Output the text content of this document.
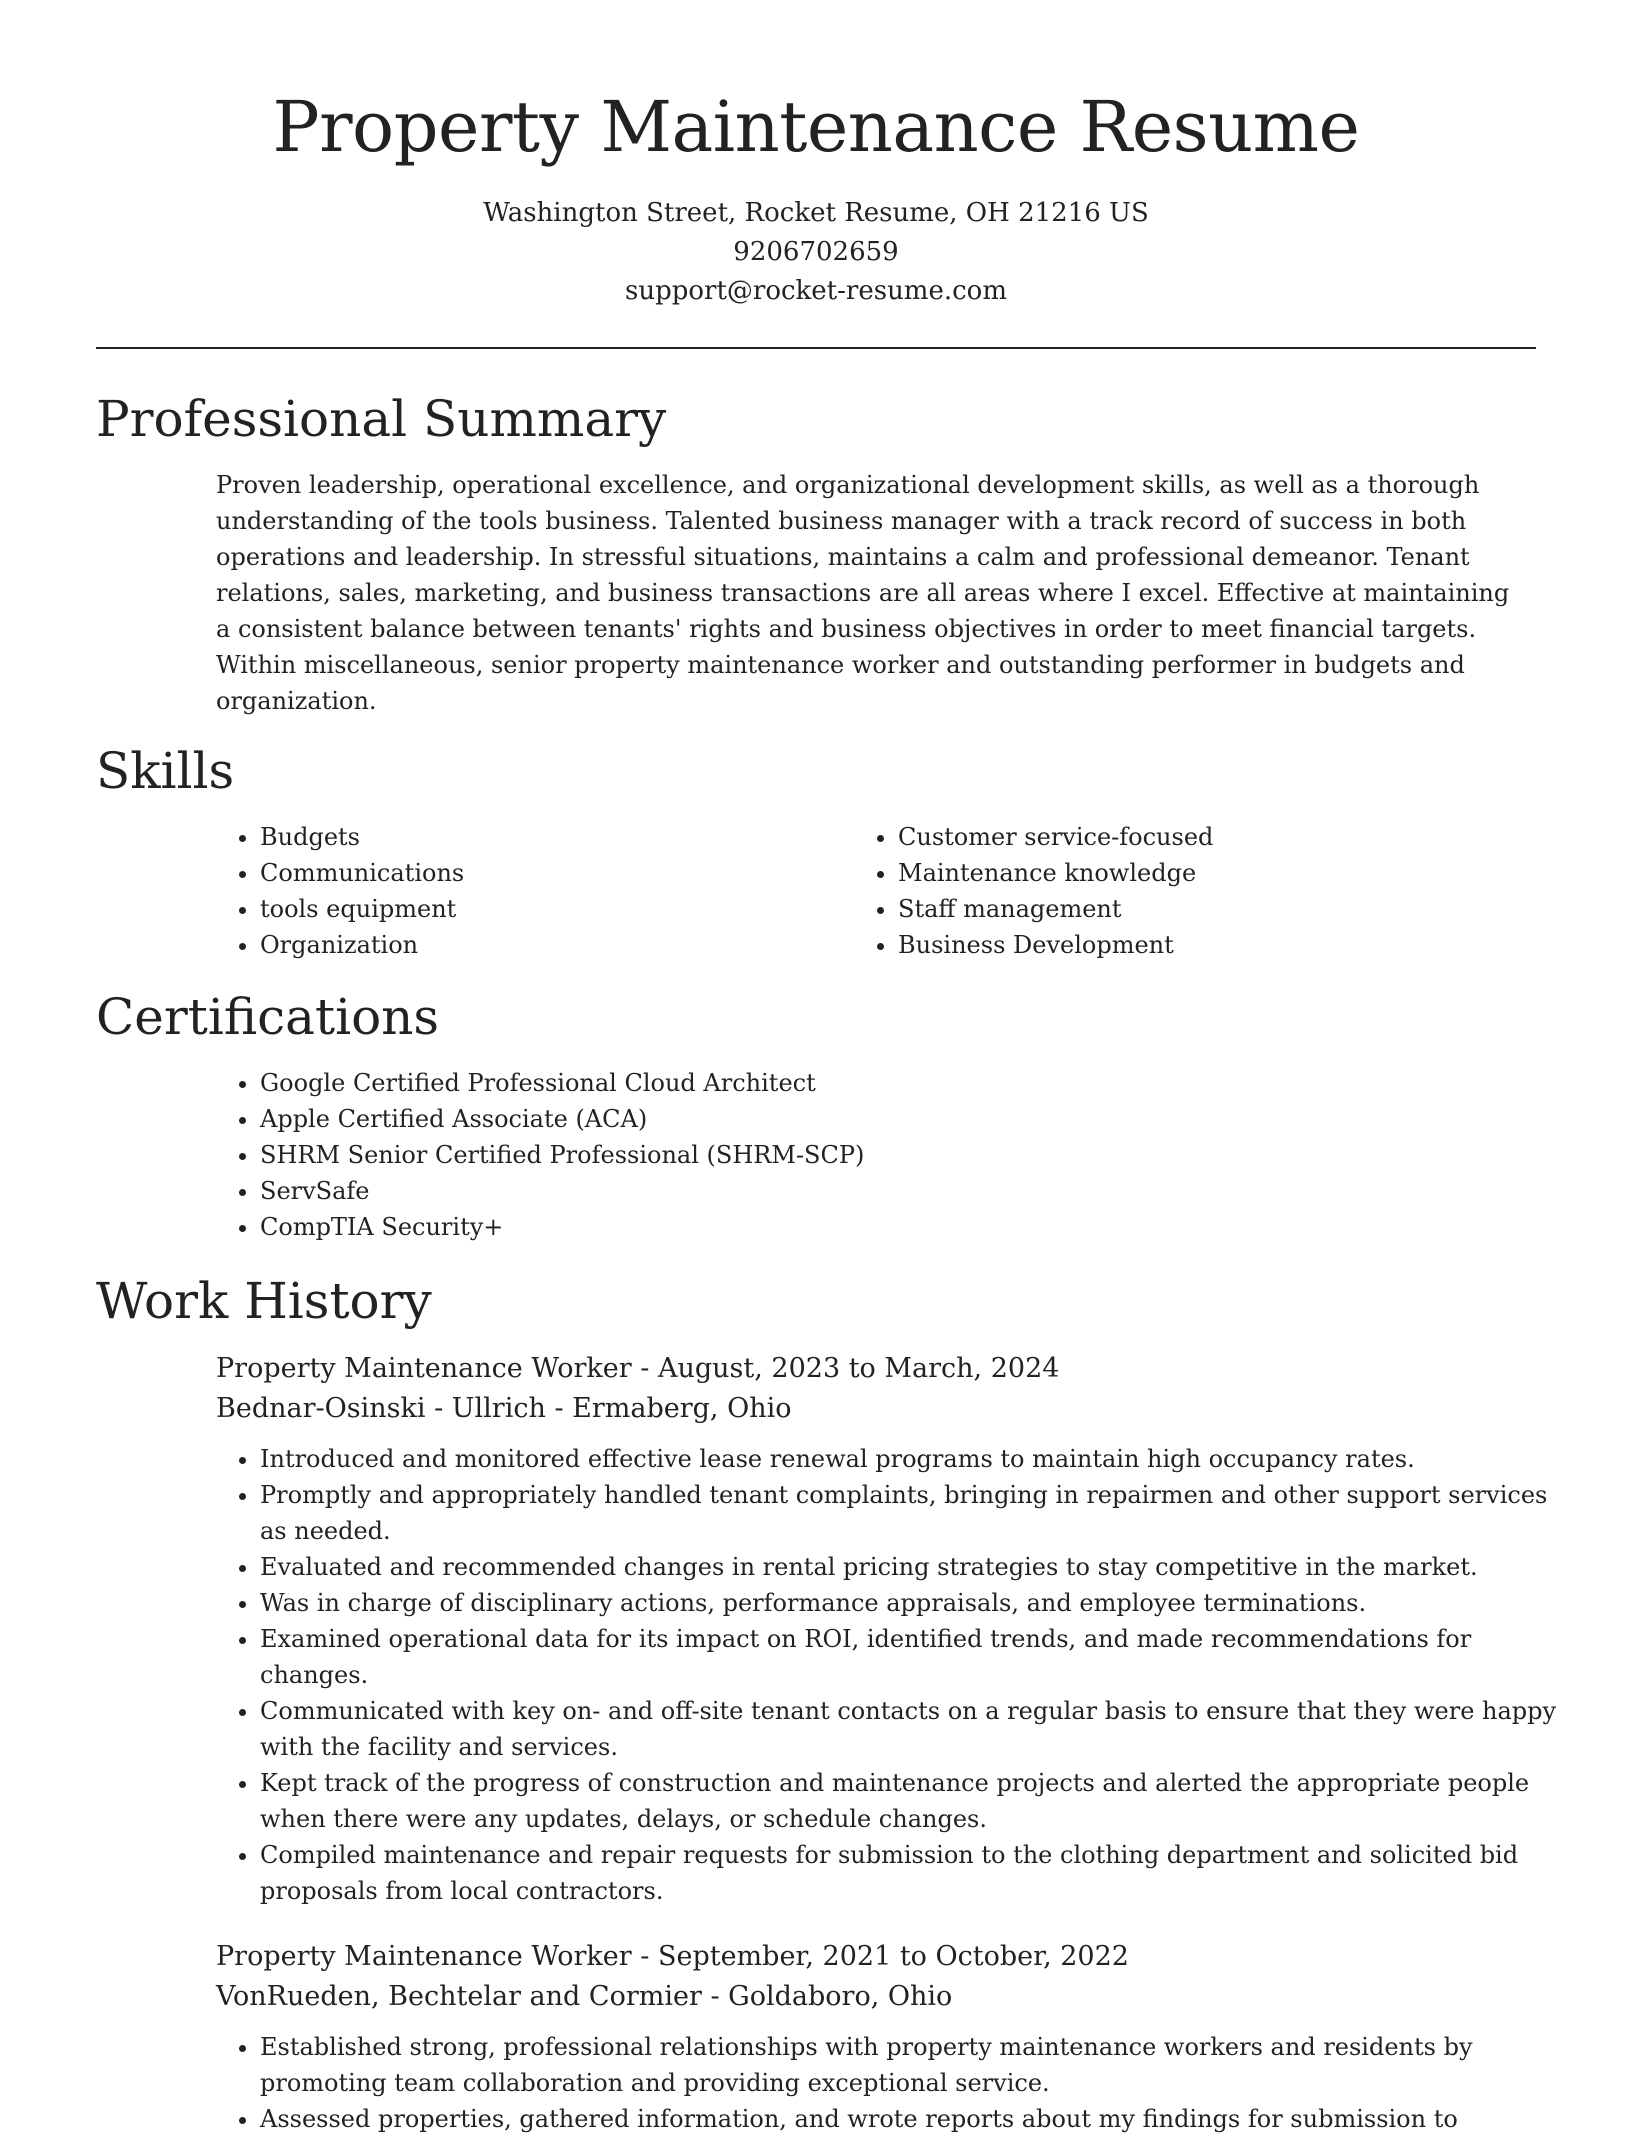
Property Maintenance Resume
Washington Street, Rocket Resume, OH 21216 US
9206702659
support@rocket-resume.com
Professional Summary

Proven leadership, operational excellence, and organizational development skills, as well as a thorough understanding of the tools business. Talented business manager with a track record of success in both operations and leadership. In stressful situations, maintains a calm and professional demeanor. Tenant relations, sales, marketing, and business transactions are all areas where I excel. Effective at maintaining a consistent balance between tenants' rights and business objectives in order to meet financial targets. Within miscellaneous, senior property maintenance worker and outstanding performer in budgets and organization.

Skills
• Budgets
• Communications
• tools equipment
• Organization
• Customer service-focused
• Maintenance knowledge
• Staff management
• Business Development
Certifications
• Google Certified Professional Cloud Architect
• Apple Certified Associate (ACA)
• SHRM Senior Certified Professional (SHRM-SCP)
• ServSafe
• CompTIA Security+
Work History
Property Maintenance Worker - August, 2023 to March, 2024
Bednar-Osinski - Ullrich - Ermaberg, Ohio
• Introduced and monitored effective lease renewal programs to maintain high occupancy rates.
• Promptly and appropriately handled tenant complaints, bringing in repairmen and other support services as needed.
• Evaluated and recommended changes in rental pricing strategies to stay competitive in the market.
• Was in charge of disciplinary actions, performance appraisals, and employee terminations.
• Examined operational data for its impact on ROI, identified trends, and made recommendations for changes.
• Communicated with key on- and off-site tenant contacts on a regular basis to ensure that they were happy with the facility and services.
• Kept track of the progress of construction and maintenance projects and alerted the appropriate people when there were any updates, delays, or schedule changes.
• Compiled maintenance and repair requests for submission to the clothing department and solicited bid proposals from local contractors.
Property Maintenance Worker - September, 2021 to October, 2022
VonRueden, Bechtelar and Cormier - Goldaboro, Ohio
• Established strong, professional relationships with property maintenance workers and residents by promoting team collaboration and providing exceptional service.
• Assessed properties, gathered information, and wrote reports about my findings for submission to
